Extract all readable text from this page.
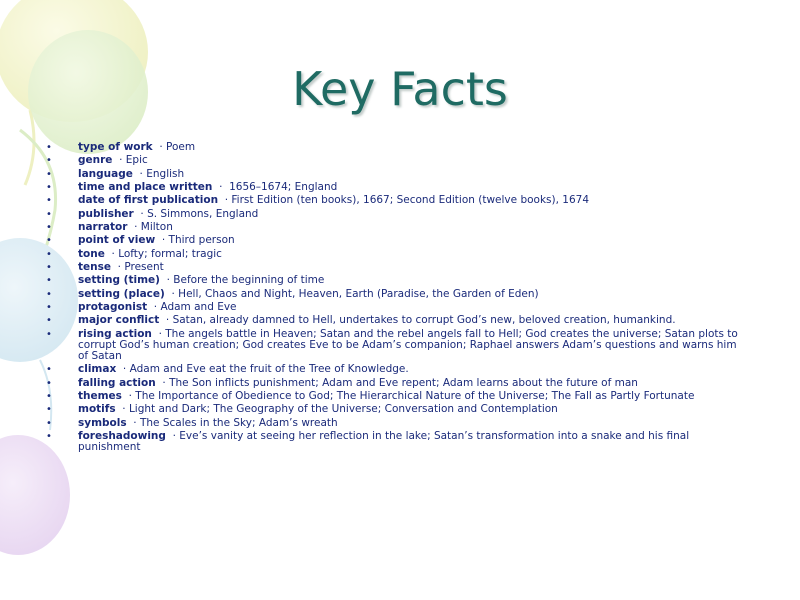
Key Facts
• type of work  · Poem
• genre  · Epic
• language  · English
• time and place written  ·  1656–1674; England
• date of first publication  · First Edition (ten books), 1667; Second Edition (twelve books), 1674
• publisher  · S. Simmons, England
• narrator  · Milton
• point of view  · Third person
• tone  · Lofty; formal; tragic
• tense  · Present
• setting (time)  · Before the beginning of time
• setting (place)  · Hell, Chaos and Night, Heaven, Earth (Paradise, the Garden of Eden)
• protagonist  · Adam and Eve
• major conflict  · Satan, already damned to Hell, undertakes to corrupt God’s new, beloved creation, humankind.
• rising action  · The angels battle in Heaven; Satan and the rebel angels fall to Hell; God creates the universe; Satan plots to corrupt God’s human creation; God creates Eve to be Adam’s companion; Raphael answers Adam’s questions and warns him of Satan
• climax  · Adam and Eve eat the fruit of the Tree of Knowledge.
• falling action  · The Son inflicts punishment; Adam and Eve repent; Adam learns about the future of man
• themes  · The Importance of Obedience to God; The Hierarchical Nature of the Universe; The Fall as Partly Fortunate
• motifs  · Light and Dark; The Geography of the Universe; Conversation and Contemplation
• symbols  · The Scales in the Sky; Adam’s wreath
• foreshadowing  · Eve’s vanity at seeing her reflection in the lake; Satan’s transformation into a snake and his final punishment
